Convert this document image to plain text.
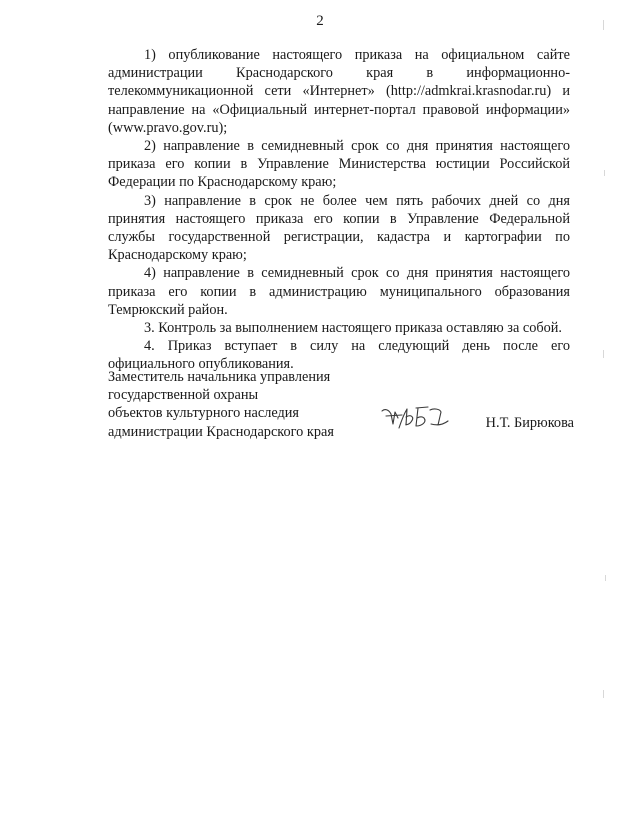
2

1) опубликование настоящего приказа на официальном сайте администрации Краснодарского края в информационно-телекоммуникационной сети «Интернет» (http://admkrai.krasnodar.ru) и направление на «Официальный интернет-портал правовой информации» (www.pravo.gov.ru);

2) направление в семидневный срок со дня принятия настоящего приказа его копии в Управление Министерства юстиции Российской Федерации по Краснодарскому краю;

3) направление в срок не более чем пять рабочих дней со дня принятия настоящего приказа его копии в Управление Федеральной службы государственной регистрации, кадастра и картографии по Краснодарскому краю;

4) направление в семидневный срок со дня принятия настоящего приказа его копии в администрацию муниципального образования Темрюкский район.

3. Контроль за выполнением настоящего приказа оставляю за собой.

4. Приказ вступает в силу на следующий день после его официального опубликования.

Заместитель начальника управления
государственной охраны
объектов культурного наследия
администрации Краснодарского края
Н.Т. Бирюкова
